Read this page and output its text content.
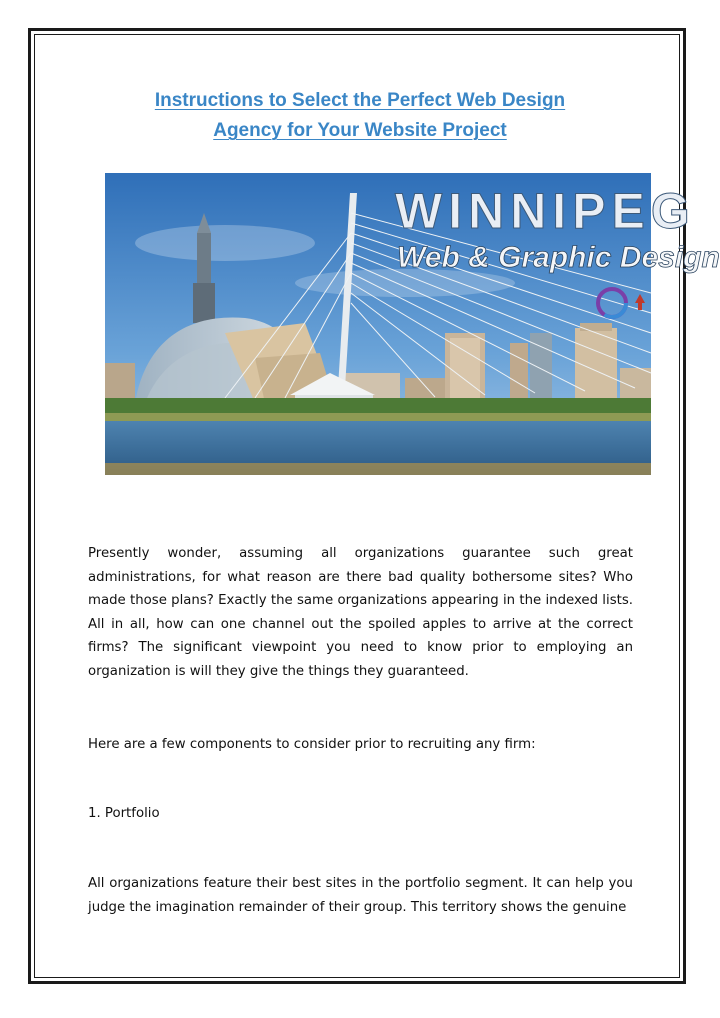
Instructions to Select the Perfect Web Design
Agency for Your Website Project
WINNIPEG
Web & Graphic Design
Presently wonder, assuming all organizations guarantee such great administrations, for what reason are there bad quality bothersome sites? Who made those plans? Exactly the same organizations appearing in the indexed lists. All in all, how can one channel out the spoiled apples to arrive at the correct firms? The significant viewpoint you need to know prior to employing an organization is will they give the things they guaranteed.
Here are a few components to consider prior to recruiting any firm:
1. Portfolio
All organizations feature their best sites in the portfolio segment. It can help you judge the imagination remainder of their group. This territory shows the genuine
